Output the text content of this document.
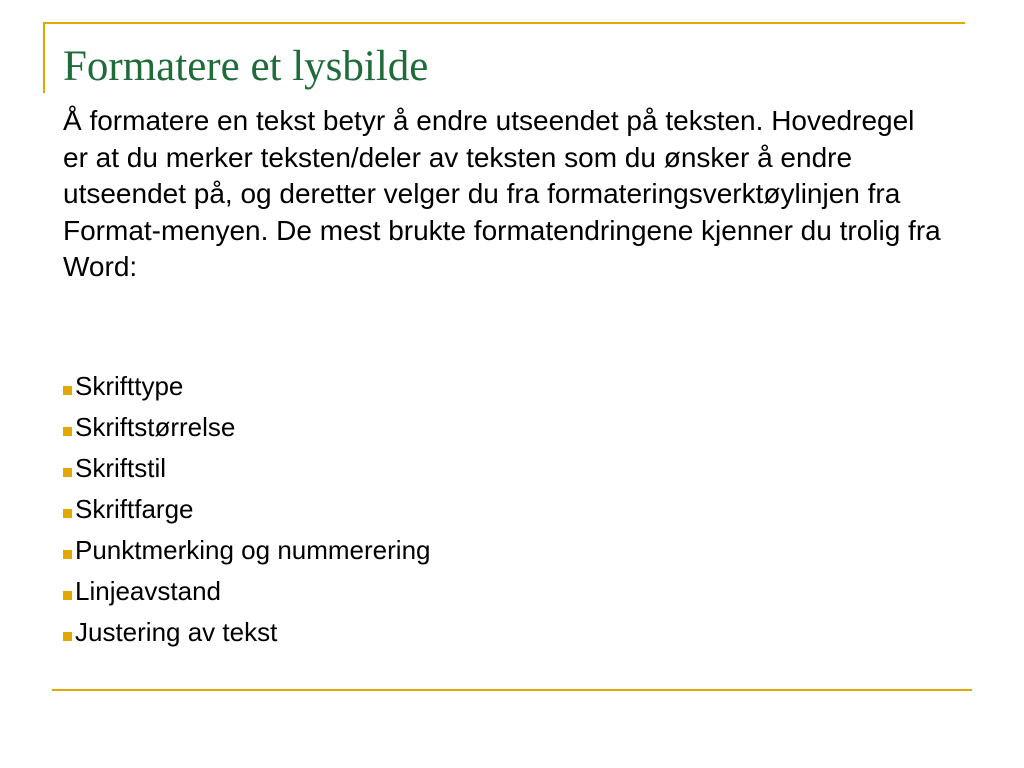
Formatere et lysbilde

Å formatere en tekst betyr å endre utseendet på teksten. Hovedregel er at du merker teksten/deler av teksten som du ønsker å endre utseendet på, og deretter velger du fra formateringsverktøylinjen fra Format-menyen. De mest brukte formatendringene kjenner du trolig fra Word:

Skrifttype
Skriftstørrelse
Skriftstil
Skriftfarge
Punktmerking og nummerering
Linjeavstand
Justering av tekst
